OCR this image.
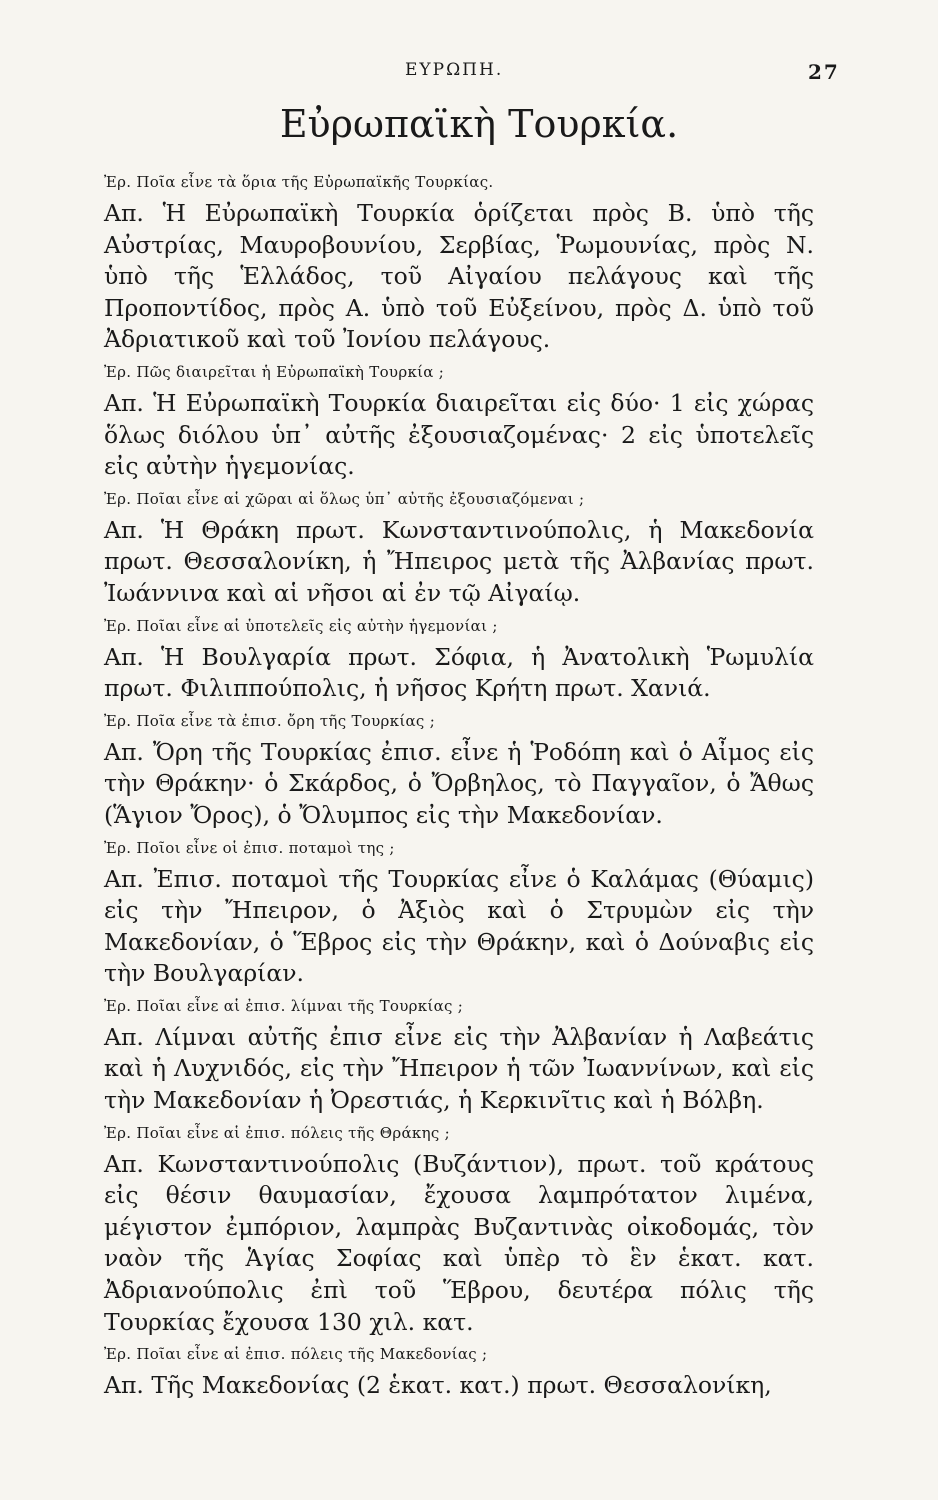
ΕΥΡΩΠΗ.	27
Εὐρωπαϊκὴ Τουρκία.

Ἐρ. Ποῖα εἶνε τὰ ὅρια τῆς Εὐρωπαϊκῆς Τουρκίας.

Απ. Ἡ Εὐρωπαϊκὴ Τουρκία ὁρίζεται πρὸς Β. ὑπὸ τῆς Αὐστρίας, Μαυροβουνίου, Σερβίας, Ῥωμουνίας, πρὸς Ν. ὑπὸ τῆς Ἑλλάδος, τοῦ Αἰγαίου πελάγους καὶ τῆς Προποντίδος, πρὸς Α. ὑπὸ τοῦ Εὐξείνου, πρὸς Δ. ὑπὸ τοῦ Ἀδριατικοῦ καὶ τοῦ Ἰονίου πελάγους.

Ἐρ. Πῶς διαιρεῖται ἡ Εὐρωπαϊκὴ Τουρκία ;

Απ. Ἡ Εὐρωπαϊκὴ Τουρκία διαιρεῖται εἰς δύο· 1 εἰς χώρας ὅλως διόλου ὑπ᾽ αὐτῆς ἐξουσιαζομένας· 2 εἰς ὑποτελεῖς εἰς αὐτὴν ἡγεμονίας.

Ἐρ. Ποῖαι εἶνε αἱ χῶραι αἱ ὅλως ὑπ᾽ αὐτῆς ἐξουσιαζόμεναι ;

Απ. Ἡ Θράκη πρωτ. Κωνσταντινούπολις, ἡ Μακεδονία πρωτ. Θεσσαλονίκη, ἡ Ἤπειρος μετὰ τῆς Ἀλβανίας πρωτ. Ἰωάννινα καὶ αἱ νῆσοι αἱ ἐν τῷ Αἰγαίῳ.

Ἐρ. Ποῖαι εἶνε αἱ ὑποτελεῖς εἰς αὐτὴν ἡγεμονίαι ;

Απ. Ἡ Βουλγαρία πρωτ. Σόφια, ἡ Ἀνατολικὴ Ῥωμυλία πρωτ. Φιλιππούπολις, ἡ νῆσος Κρήτη πρωτ. Χανιά.

Ἐρ. Ποῖα εἶνε τὰ ἐπισ. ὄρη τῆς Τουρκίας ;

Απ. Ὄρη τῆς Τουρκίας ἐπισ. εἶνε ἡ Ῥοδόπη καὶ ὁ Αἶμος εἰς τὴν Θράκην· ὁ Σκάρδος, ὁ Ὄρβηλος, τὸ Παγγαῖον, ὁ Ἄθως (Ἅγιον Ὄρος), ὁ Ὄλυμπος εἰς τὴν Μακεδονίαν.

Ἐρ. Ποῖοι εἶνε οἱ ἐπισ. ποταμοὶ της ;

Απ. Ἐπισ. ποταμοὶ τῆς Τουρκίας εἶνε ὁ Καλάμας (Θύαμις) εἰς τὴν Ἤπειρον, ὁ Ἀξιὸς καὶ ὁ Στρυμὼν εἰς τὴν Μακεδονίαν, ὁ Ἕβρος εἰς τὴν Θράκην, καὶ ὁ Δούναβις εἰς τὴν Βουλγαρίαν.

Ἐρ. Ποῖαι εἶνε αἱ ἐπισ. λίμναι τῆς Τουρκίας ;

Απ. Λίμναι αὐτῆς ἐπισ εἶνε εἰς τὴν Ἀλβανίαν ἡ Λαβεάτις καὶ ἡ Λυχνιδός, εἰς τὴν Ἤπειρον ἡ τῶν Ἰωαννίνων, καὶ εἰς τὴν Μακεδονίαν ἡ Ὀρεστιάς, ἡ Κερκινῖτις καὶ ἡ Βόλβη.

Ἐρ. Ποῖαι εἶνε αἱ ἐπισ. πόλεις τῆς Θράκης ;

Απ. Κωνσταντινούπολις (Βυζάντιον), πρωτ. τοῦ κράτους εἰς θέσιν θαυμασίαν, ἔχουσα λαμπρότατον λιμένα, μέγιστον ἐμπόριον, λαμπρὰς Βυζαντινὰς οἰκοδομάς, τὸν ναὸν τῆς Ἁγίας Σοφίας καὶ ὑπὲρ τὸ ἓν ἑκατ. κατ. Ἀδριανούπολις ἐπὶ τοῦ Ἕβρου, δευτέρα πόλις τῆς Τουρκίας ἔχουσα 130 χιλ. κατ.

Ἐρ. Ποῖαι εἶνε αἱ ἐπισ. πόλεις τῆς Μακεδονίας ;

Απ. Τῆς Μακεδονίας (2 ἑκατ. κατ.) πρωτ. Θεσσαλονίκη,
